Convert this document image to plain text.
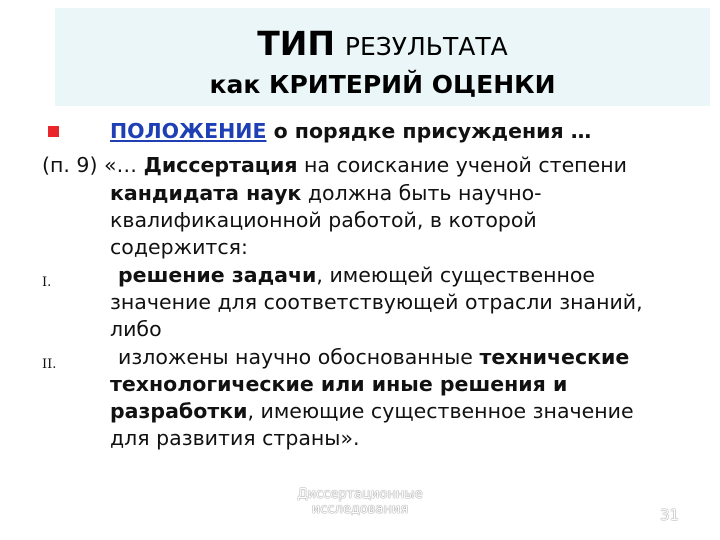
ТИП РЕЗУЛЬТАТА
как КРИТЕРИЙ ОЦЕНКИ
ПОЛОЖЕНИЕ о порядке присуждения …
(п. 9) «… Диссертация на соискание ученой степени
кандидата наук должна быть научно-
квалификационной работой, в которой
содержится:
I.	решение задачи, имеющей существенное
значение для соответствующей отрасли знаний,
либо
II.	изложены научно обоснованные технические
технологические или иные решения и
разработки, имеющие существенное значение
для развития страны».
Диссертационные
исследования	31
